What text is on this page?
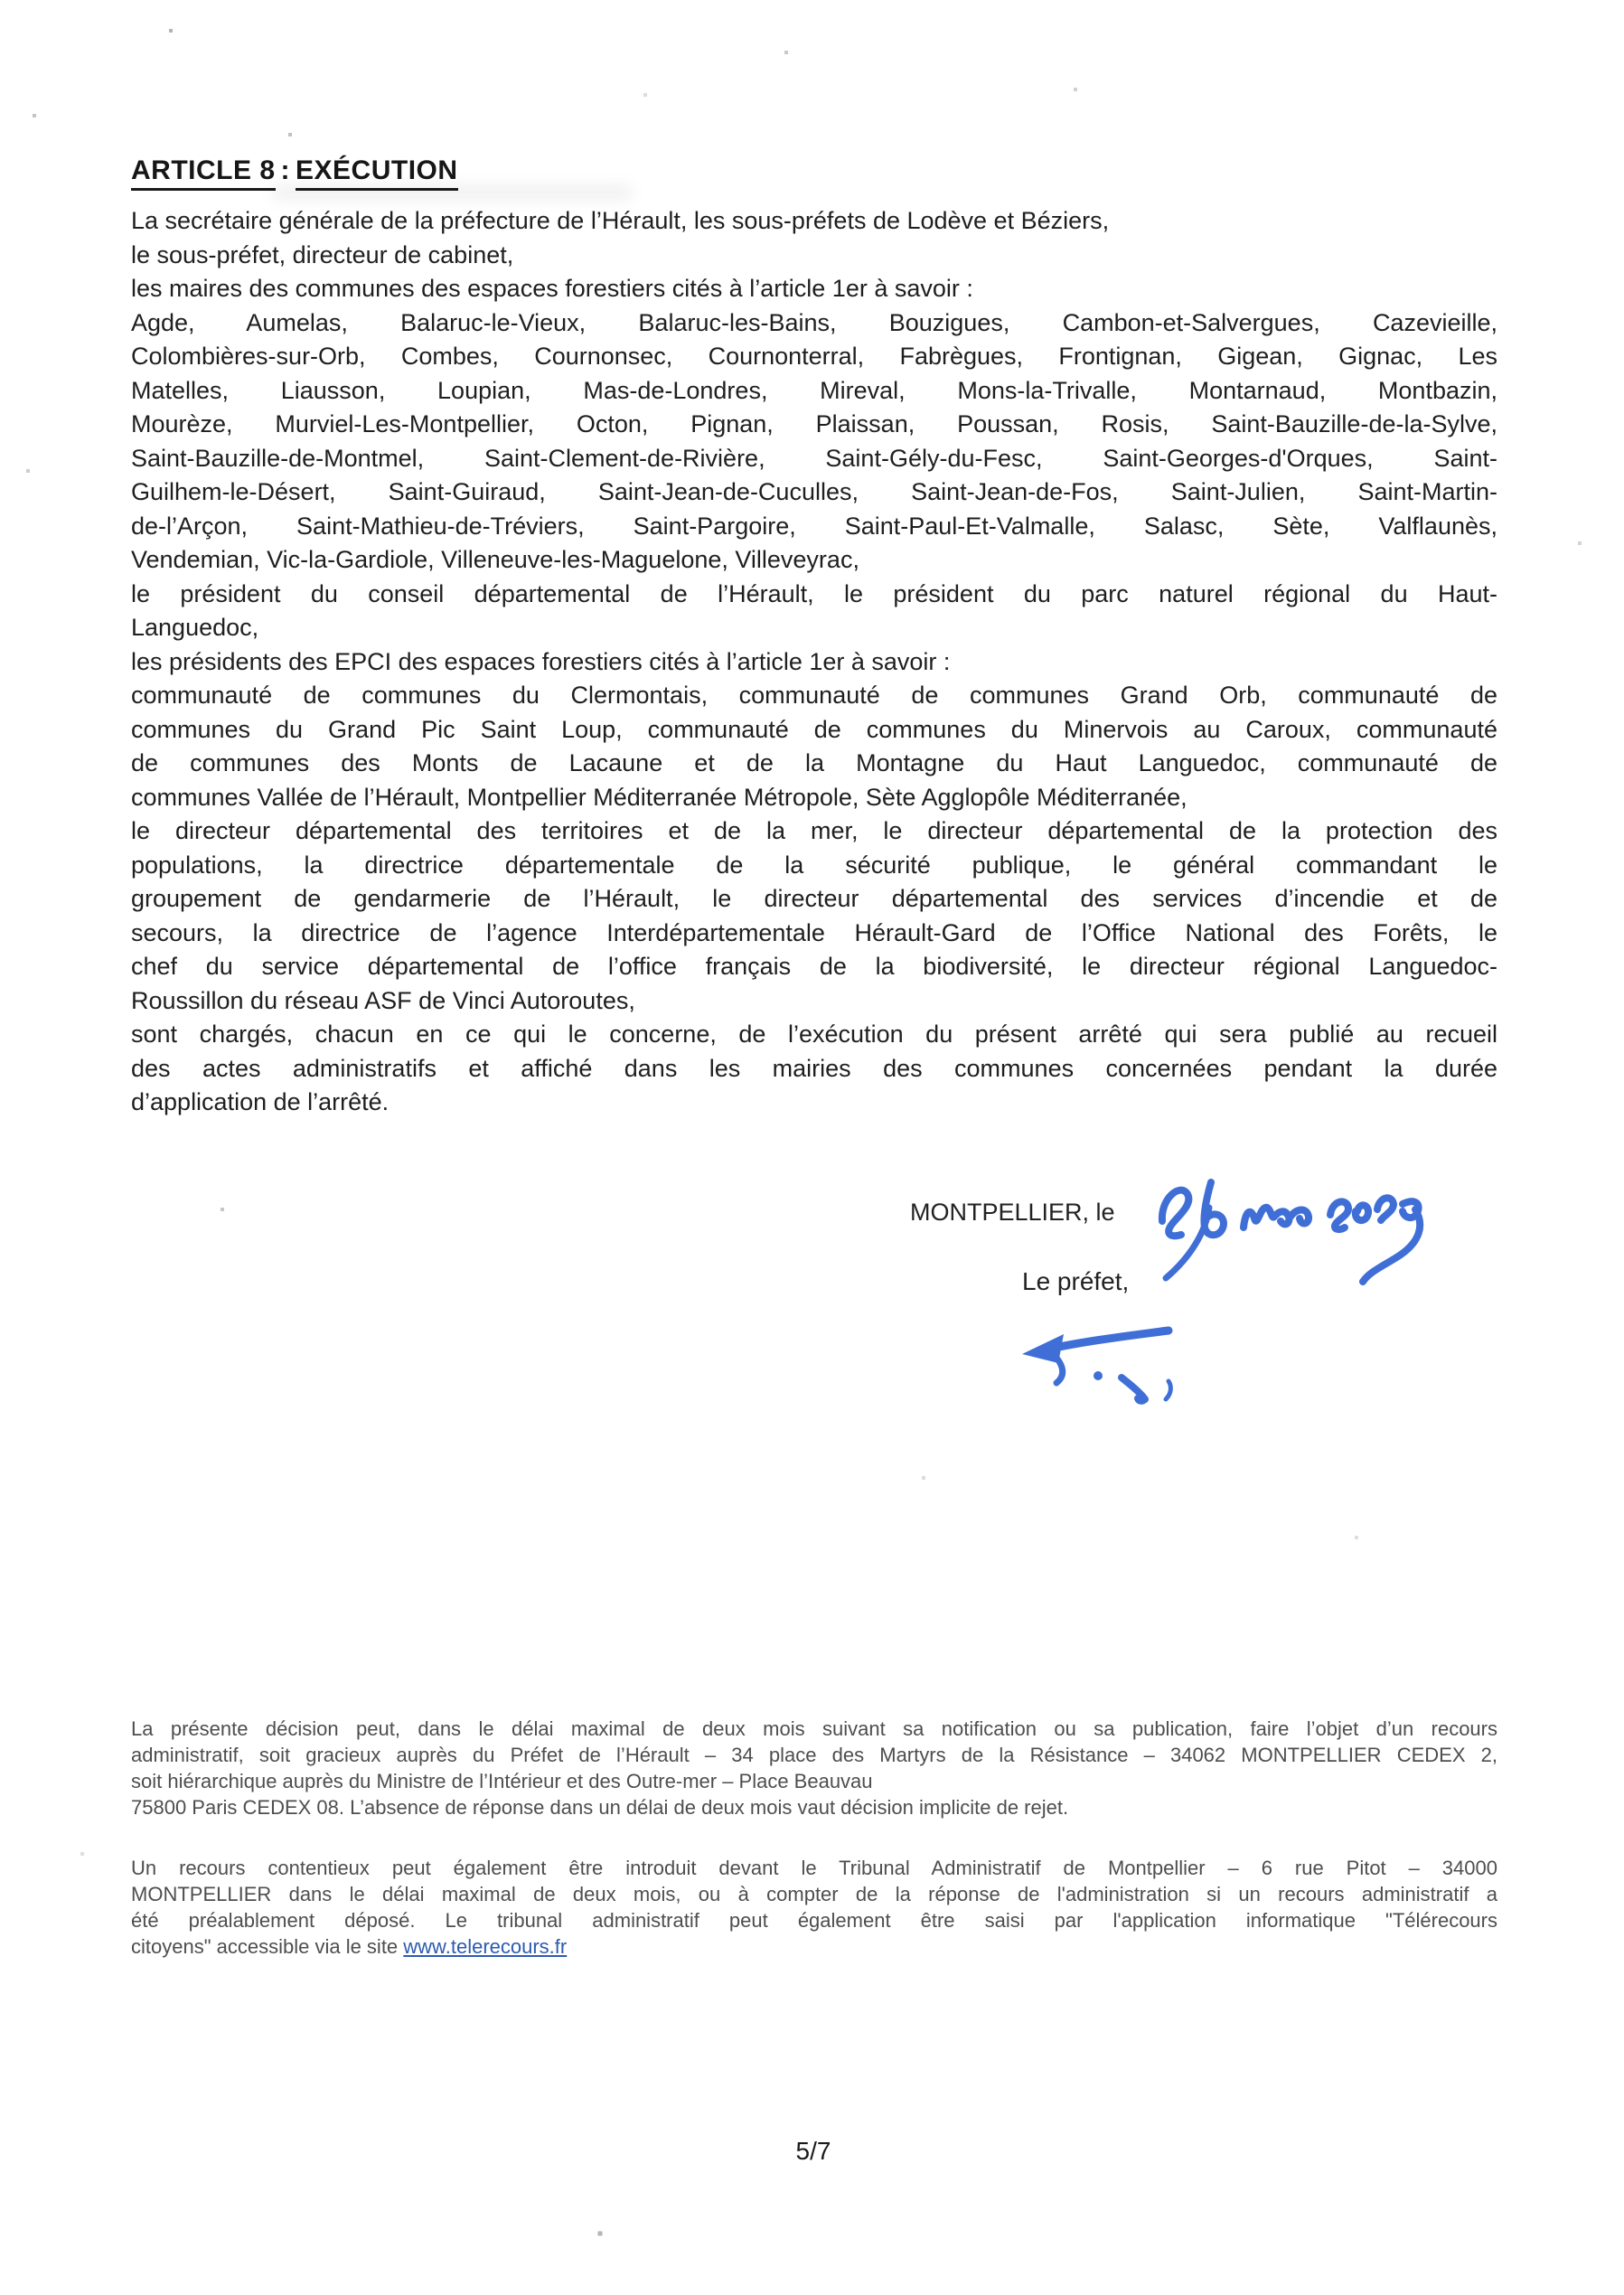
ARTICLE 8 : EXÉCUTION
La secrétaire générale de la préfecture de l’Hérault, les sous-préfets de Lodève et Béziers,
le sous-préfet, directeur de cabinet,
les maires des communes des espaces forestiers cités à l’article 1er à savoir :
Agde, Aumelas, Balaruc-le-Vieux, Balaruc-les-Bains, Bouzigues, Cambon-et-Salvergues, Cazevieille,
Colombières-sur-Orb, Combes, Cournonsec, Cournonterral, Fabrègues, Frontignan, Gigean, Gignac, Les
Matelles, Liausson, Loupian, Mas-de-Londres, Mireval, Mons-la-Trivalle, Montarnaud, Montbazin,
Mourèze, Murviel-Les-Montpellier, Octon, Pignan, Plaissan, Poussan, Rosis, Saint-Bauzille-de-la-Sylve,
Saint-Bauzille-de-Montmel, Saint-Clement-de-Rivière, Saint-Gély-du-Fesc, Saint-Georges-d'Orques, Saint-
Guilhem-le-Désert, Saint-Guiraud, Saint-Jean-de-Cuculles, Saint-Jean-de-Fos, Saint-Julien, Saint-Martin-
de-l’Arçon, Saint-Mathieu-de-Tréviers, Saint-Pargoire, Saint-Paul-Et-Valmalle, Salasc, Sète, Valflaunès,
Vendemian, Vic-la-Gardiole, Villeneuve-les-Maguelone, Villeveyrac,
le président du conseil départemental de l’Hérault, le président du parc naturel régional du Haut-
Languedoc,
les présidents des EPCI des espaces forestiers cités à l’article 1er à savoir :
communauté de communes du Clermontais, communauté de communes Grand Orb, communauté de
communes du Grand Pic Saint Loup, communauté de communes du Minervois au Caroux, communauté
de communes des Monts de Lacaune et de la Montagne du Haut Languedoc, communauté de
communes Vallée de l’Hérault, Montpellier Méditerranée Métropole, Sète Agglopôle Méditerranée,
le directeur départemental des territoires et de la mer, le directeur départemental de la protection des
populations, la directrice départementale de la sécurité publique, le général commandant le
groupement de gendarmerie de l’Hérault, le directeur départemental des services d’incendie et de
secours, la directrice de l’agence Interdépartementale Hérault-Gard de l’Office National des Forêts, le
chef du service départemental de l’office français de la biodiversité, le directeur régional Languedoc-
Roussillon du réseau ASF de Vinci Autoroutes,
sont chargés, chacun en ce qui le concerne, de l’exécution du présent arrêté qui sera publié au recueil
des actes administratifs et affiché dans les mairies des communes concernées pendant la durée
d’application de l’arrêté.
MONTPELLIER, le
Le préfet,
La présente décision peut, dans le délai maximal de deux mois suivant sa notification ou sa publication, faire l’objet d’un recours
administratif, soit gracieux auprès du Préfet de l’Hérault – 34 place des Martyrs de la Résistance – 34062 MONTPELLIER CEDEX 2,
soit hiérarchique auprès du Ministre de l’Intérieur et des Outre-mer – Place Beauvau
75800 Paris CEDEX 08. L’absence de réponse dans un délai de deux mois vaut décision implicite de rejet.
Un recours contentieux peut également être introduit devant le Tribunal Administratif de Montpellier – 6 rue Pitot – 34000
MONTPELLIER dans le délai maximal de deux mois, ou à compter de la réponse de l'administration si un recours administratif a
été préalablement déposé. Le tribunal administratif peut également être saisi par l'application informatique "Télérecours
citoyens" accessible via le site www.telerecours.fr
5/7
